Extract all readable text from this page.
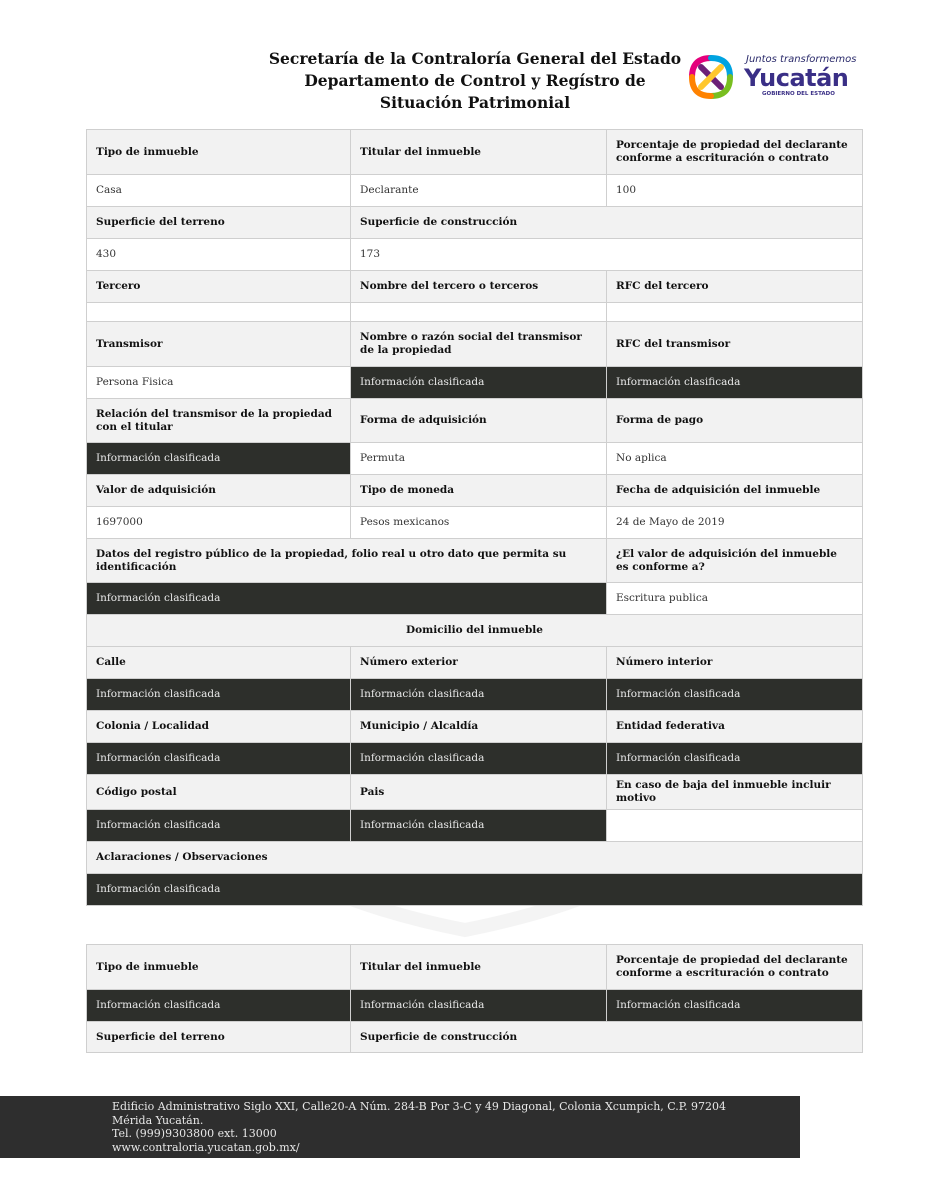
Secretaría de la Contraloría General del Estado
Departamento de Control y Regístro de
Situación Patrimonial
Juntos transformemos
Yucatán
GOBIERNO DEL ESTADO
Tipo de inmueble	Titular del inmueble	Porcentaje de propiedad del declarante conforme a escrituración o contrato
Casa	Declarante	100
Superficie del terreno	Superficie de construcción	
430	173	
Tercero	Nombre del tercero o terceros	RFC del tercero

Transmisor	Nombre o razón social del transmisor de la propiedad	RFC del transmisor
Persona Fisica	Información clasificada	Información clasificada
Relación del transmisor de la propiedad con el titular	Forma de adquisición	Forma de pago
Información clasificada	Permuta	No aplica
Valor de adquisición	Tipo de moneda	Fecha de adquisición del inmueble
1697000	Pesos mexicanos	24 de Mayo de 2019
Datos del registro público de la propiedad, folio real u otro dato que permita su identificación		¿El valor de adquisición del inmueble es conforme a?
Información clasificada		Escritura publica
Domicilio del inmueble		
Calle	Número exterior	Número interior
Información clasificada	Información clasificada	Información clasificada
Colonia / Localidad	Municipio / Alcaldía	Entidad federativa
Información clasificada	Información clasificada	Información clasificada
Código postal	Pais	En caso de baja del inmueble incluir motivo
Información clasificada	Información clasificada	
Aclaraciones / Observaciones		
Información clasificada		
Tipo de inmueble	Titular del inmueble	Porcentaje de propiedad del declarante conforme a escrituración o contrato
Información clasificada	Información clasificada	Información clasificada
Superficie del terreno	Superficie de construcción	
Edificio Administrativo Siglo XXI, Calle20-A Núm. 284-B Por 3-C y 49 Diagonal, Colonia Xcumpich, C.P. 97204
Mérida Yucatán.
Tel. (999)9303800 ext. 13000
www.contraloria.yucatan.gob.mx/
